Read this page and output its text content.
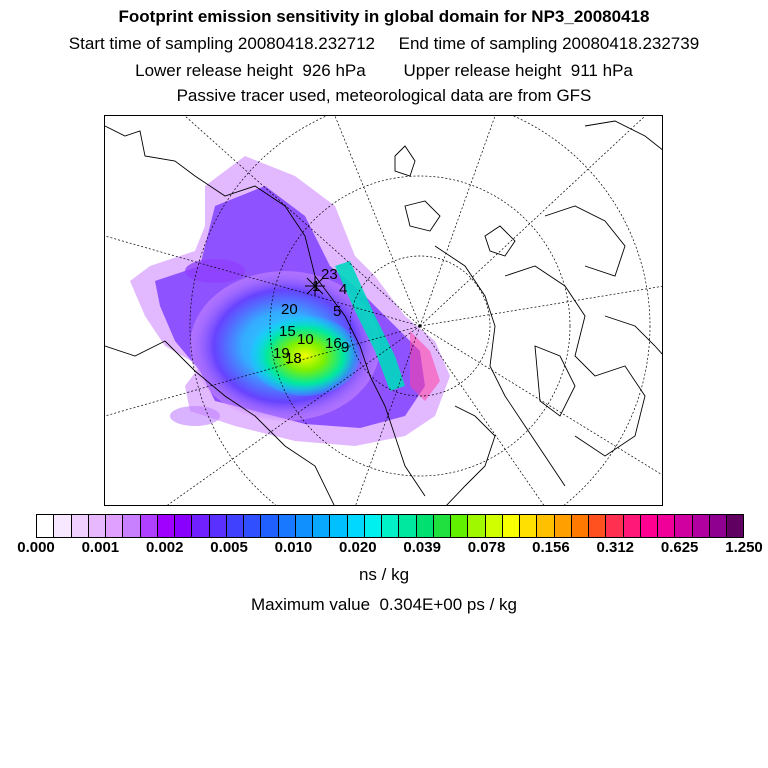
Footprint emission sensitivity in global domain for NP3_20080418
Start time of sampling 20080418.232712     End time of sampling 20080418.232739
Lower release height  926 hPa        Upper release height  911 hPa
Passive tracer used, meteorological data are from GFS
23
1 4
5
20
15 10 16 9
19
18
0.000 0.001 0.002 0.005 0.010 0.020 0.039 0.078 0.156 0.312 0.625 1.250
ns / kg
Maximum value  0.304E+00 ps / kg
